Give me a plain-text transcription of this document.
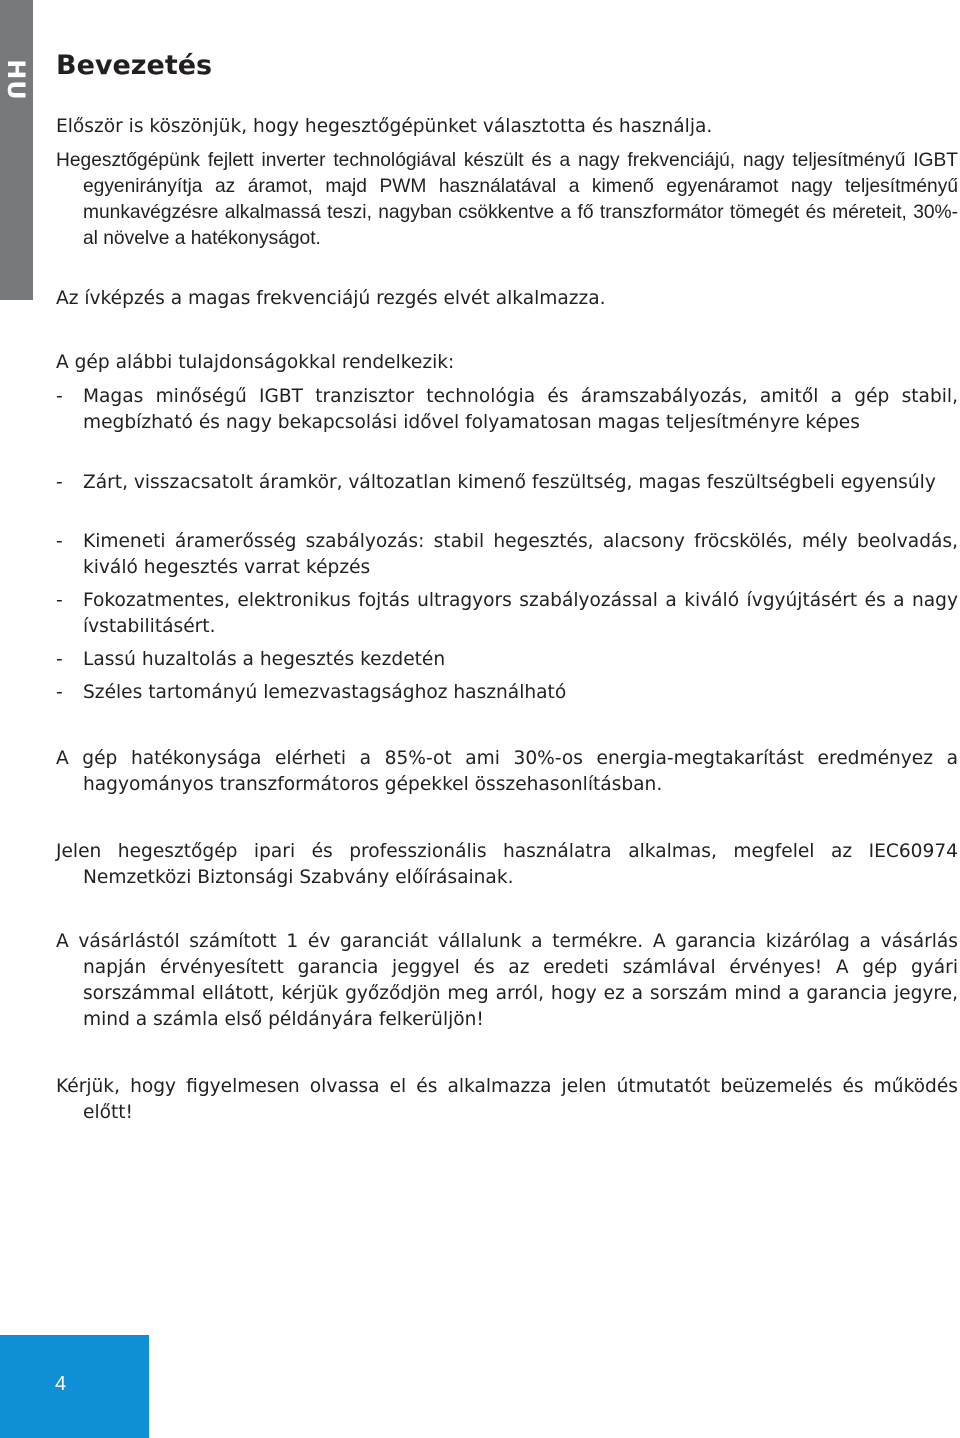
HU Bevezetés

Először is köszönjük, hogy hegesztőgépünket választotta és használja.

Hegesztőgépünk fejlett inverter technológiával készült és a nagy frekvenciájú, nagy teljesítményű IGBT egyenirányítja az áramot, majd PWM használatával a kimenő egyenáramot nagy teljesítményű munkavégzésre alkalmassá teszi, nagyban csökkentve a fő transzformátor tömegét és méreteit, 30%-al növelve a hatékonyságot.

Az ívképzés a magas frekvenciájú rezgés elvét alkalmazza.

A gép alábbi tulajdonságokkal rendelkezik:

-	Magas minőségű IGBT tranzisztor technológia és áramszabályozás, amitől a gép stabil, megbízható és nagy bekapcsolási idővel folyamatosan magas teljesítményre képes
-	Zárt, visszacsatolt áramkör, változatlan kimenő feszültség, magas feszültségbeli egyensúly
-	Kimeneti áramerősség szabályozás: stabil hegesztés, alacsony fröcskölés, mély beolvadás, kiváló hegesztés varrat képzés
-	Fokozatmentes, elektronikus fojtás ultragyors szabályozással a kiváló ívgyújtásért és a nagy ívstabilitásért.
-	Lassú huzaltolás a hegesztés kezdetén
-	Széles tartományú lemezvastagsághoz használható

A gép hatékonysága elérheti a 85%-ot ami 30%-os energia-megtakarítást eredményez a hagyományos transzformátoros gépekkel összehasonlításban.

Jelen hegesztőgép ipari és professzionális használatra alkalmas, megfelel az IEC60974 Nemzetközi Biztonsági Szabvány előírásainak.

A vásárlástól számított 1 év garanciát vállalunk a termékre. A garancia kizárólag a vásárlás napján érvényesített garancia jeggyel és az eredeti számlával érvényes! A gép gyári sorszámmal ellátott, kérjük győződjön meg arról, hogy ez a sorszám mind a garancia jegyre, mind a számla első példányára felkerüljön!

Kérjük, hogy figyelmesen olvassa el és alkalmazza jelen útmutatót beüzemelés és működés előtt!

4
